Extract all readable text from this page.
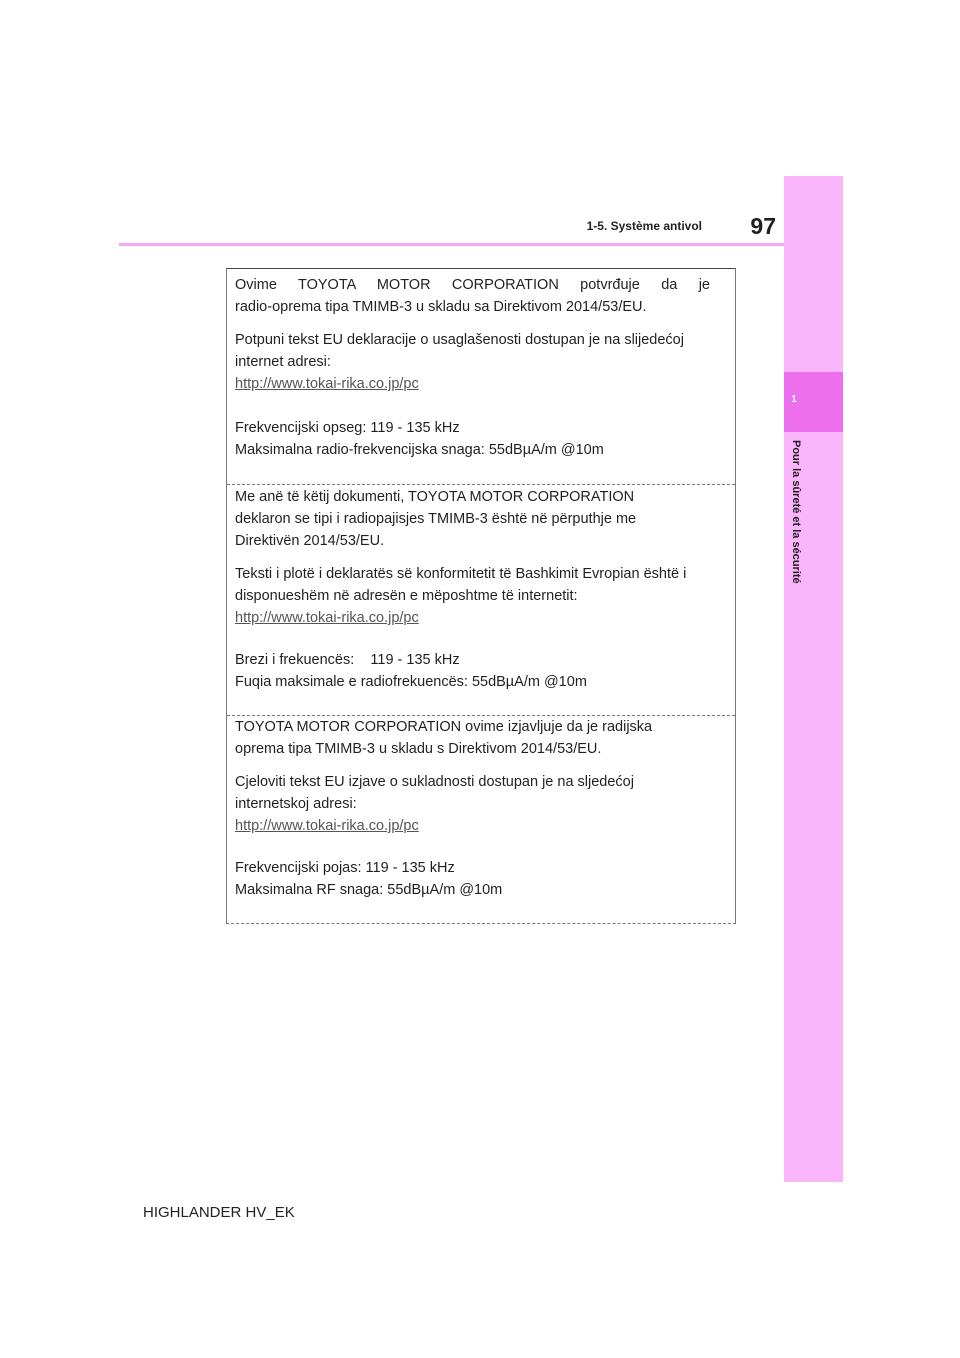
97
1-5. Système antivol
1
Pour la sûreté et la sécurité

Ovime TOYOTA MOTOR CORPORATION potvrđuje da je
radio-oprema tipa TMIMB-3 u skladu sa Direktivom 2014/53/EU.

Potpuni tekst EU deklaracije o usaglašenosti dostupan je na slijedećoj
internet adresi:
http://www.tokai-rika.co.jp/pc

Frekvencijski opseg: 119 - 135 kHz
Maksimalna radio-frekvencijska snaga: 55dBµA/m @10m

Me anë të këtij dokumenti, TOYOTA MOTOR CORPORATION
deklaron se tipi i radiopajisjes TMIMB-3 është në përputhje me
Direktivën 2014/53/EU.

Teksti i plotë i deklaratës së konformitetit të Bashkimit Evropian është i
disponueshëm në adresën e mëposhtme të internetit:
http://www.tokai-rika.co.jp/pc

Brezi i frekuencës:    119 - 135 kHz
Fuqia maksimale e radiofrekuencës: 55dBµA/m @10m

TOYOTA MOTOR CORPORATION ovime izjavljuje da je radijska
oprema tipa TMIMB-3 u skladu s Direktivom 2014/53/EU.

Cjeloviti tekst EU izjave o sukladnosti dostupan je na sljedećoj
internetskoj adresi:
http://www.tokai-rika.co.jp/pc

Frekvencijski pojas: 119 - 135 kHz
Maksimalna RF snaga: 55dBµA/m @10m

HIGHLANDER HV_EK
